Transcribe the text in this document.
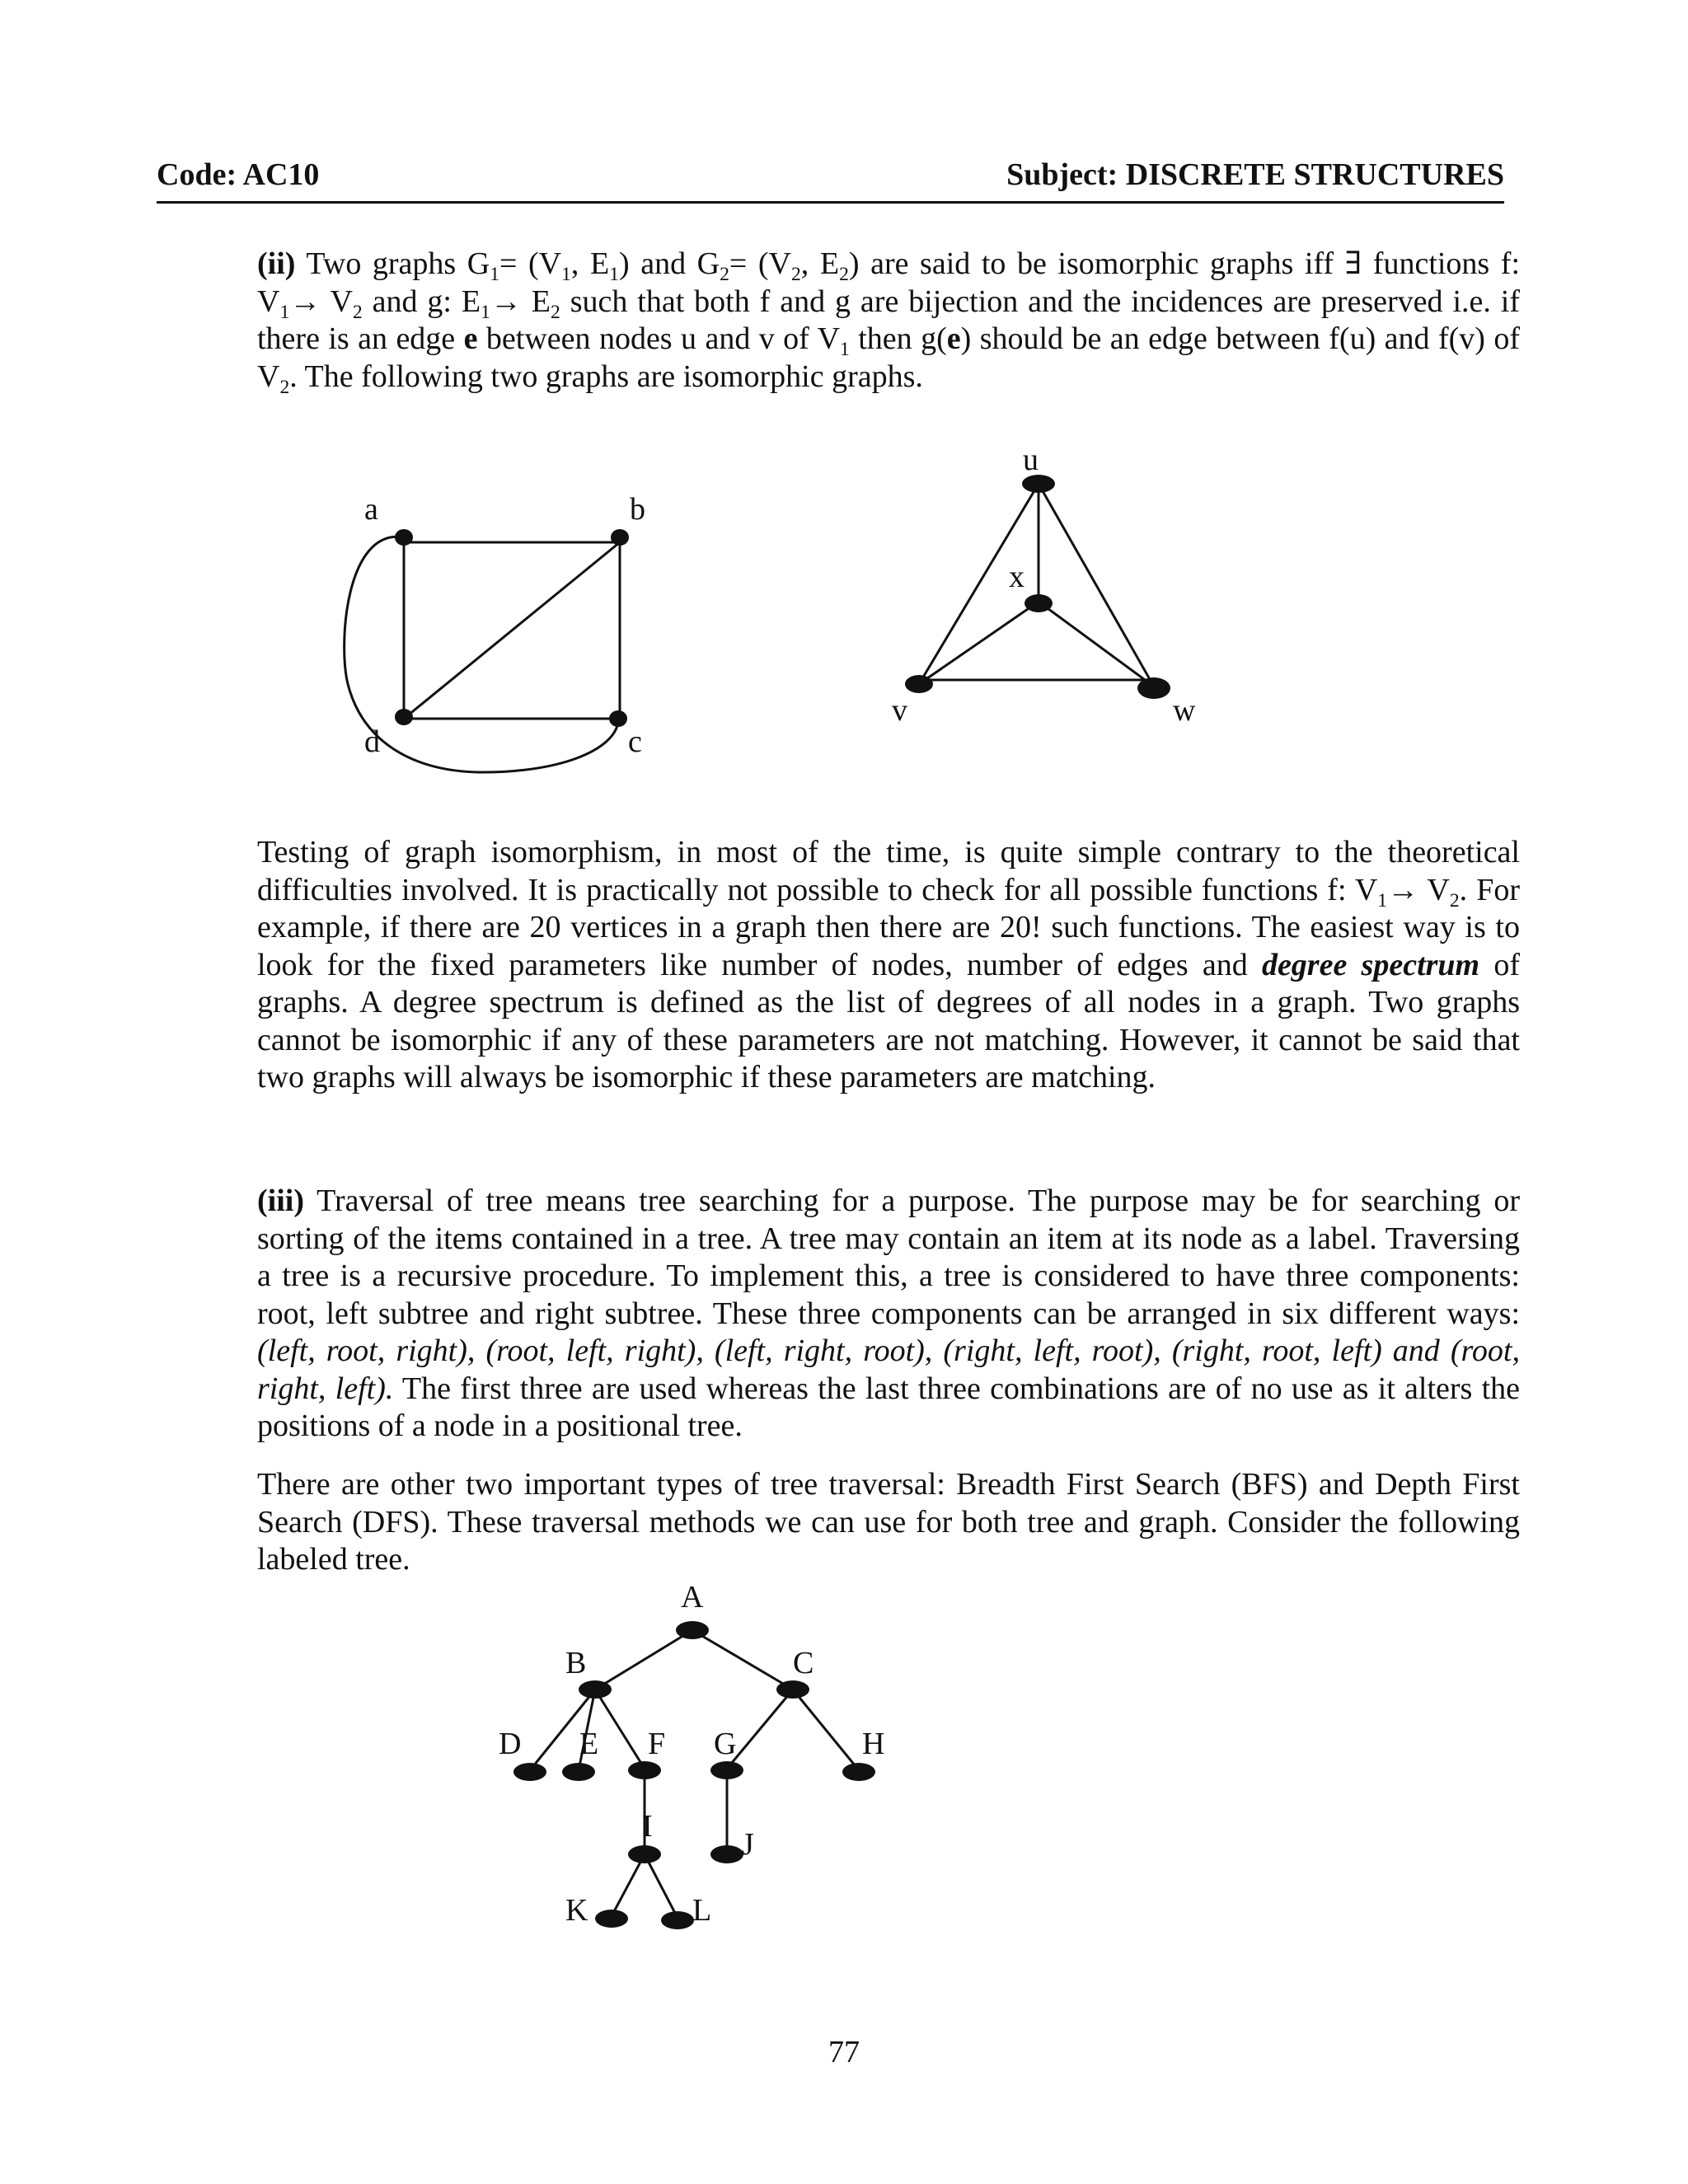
Code: AC10	Subject: DISCRETE STRUCTURES

(ii) Two graphs $G_1= (V_1$, $E_1$) and $G_2= (V_2$, $E_2$) are said to be isomorphic graphs iff ∃ functions f: $V_1\to V_2$ and g: $E_1\to E_2$ such that both f and g are bijection and the incidences are preserved i.e. if there is an edge e between nodes u and v of $V_1$ then g(e) should be an edge between f(u) and f(v) of $V_2$. The following two graphs are isomorphic graphs.

a	b
c
d
u
x
v	w

Testing of graph isomorphism, in most of the time, is quite simple contrary to the theoretical difficulties involved. It is practically not possible to check for all possible functions f: $V_1\to V_2$. For example, if there are 20 vertices in a graph then there are 20! such functions. The easiest way is to look for the fixed parameters like number of nodes, number of edges and degree spectrum of graphs. A degree spectrum is defined as the list of degrees of all nodes in a graph. Two graphs cannot be isomorphic if any of these parameters are not matching. However, it cannot be said that two graphs will always be isomorphic if these parameters are matching.

(iii) Traversal of tree means tree searching for a purpose. The purpose may be for searching or sorting of the items contained in a tree. A tree may contain an item at its node as a label. Traversing a tree is a recursive procedure. To implement this, a tree is considered to have three components: root, left subtree and right subtree. These three components can be arranged in six different ways: (left, root, right), (root, left, right), (left, right, root), (right, left, root), (right, root, left) and (root, right, left). The first three are used whereas the last three combinations are of no use as it alters the positions of a node in a positional tree.

There are other two important types of tree traversal: Breadth First Search (BFS) and Depth First Search (DFS). These traversal methods we can use for both tree and graph. Consider the following labeled tree.

A
B	C
D E F G	H
I
J
K	L
77
